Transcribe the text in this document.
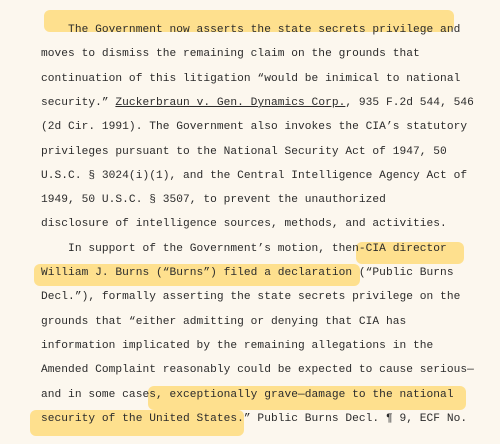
The Government now asserts the state secrets privilege and
moves to dismiss the remaining claim on the grounds that
continuation of this litigation “would be inimical to national
security.” Zuckerbraun v. Gen. Dynamics Corp., 935 F.2d 544, 546
(2d Cir. 1991). The Government also invokes the CIA’s statutory
privileges pursuant to the National Security Act of 1947, 50
U.S.C. § 3024(i)(1), and the Central Intelligence Agency Act of
1949, 50 U.S.C. § 3507, to prevent the unauthorized
disclosure of intelligence sources, methods, and activities.
In support of the Government’s motion, then-CIA director
William J. Burns (“Burns”) filed a declaration (“Public Burns
Decl.”), formally asserting the state secrets privilege on the
grounds that “either admitting or denying that CIA has
information implicated by the remaining allegations in the
Amended Complaint reasonably could be expected to cause serious—
and in some cases, exceptionally grave—damage to the national
security of the United States.” Public Burns Decl. ¶ 9, ECF No.
